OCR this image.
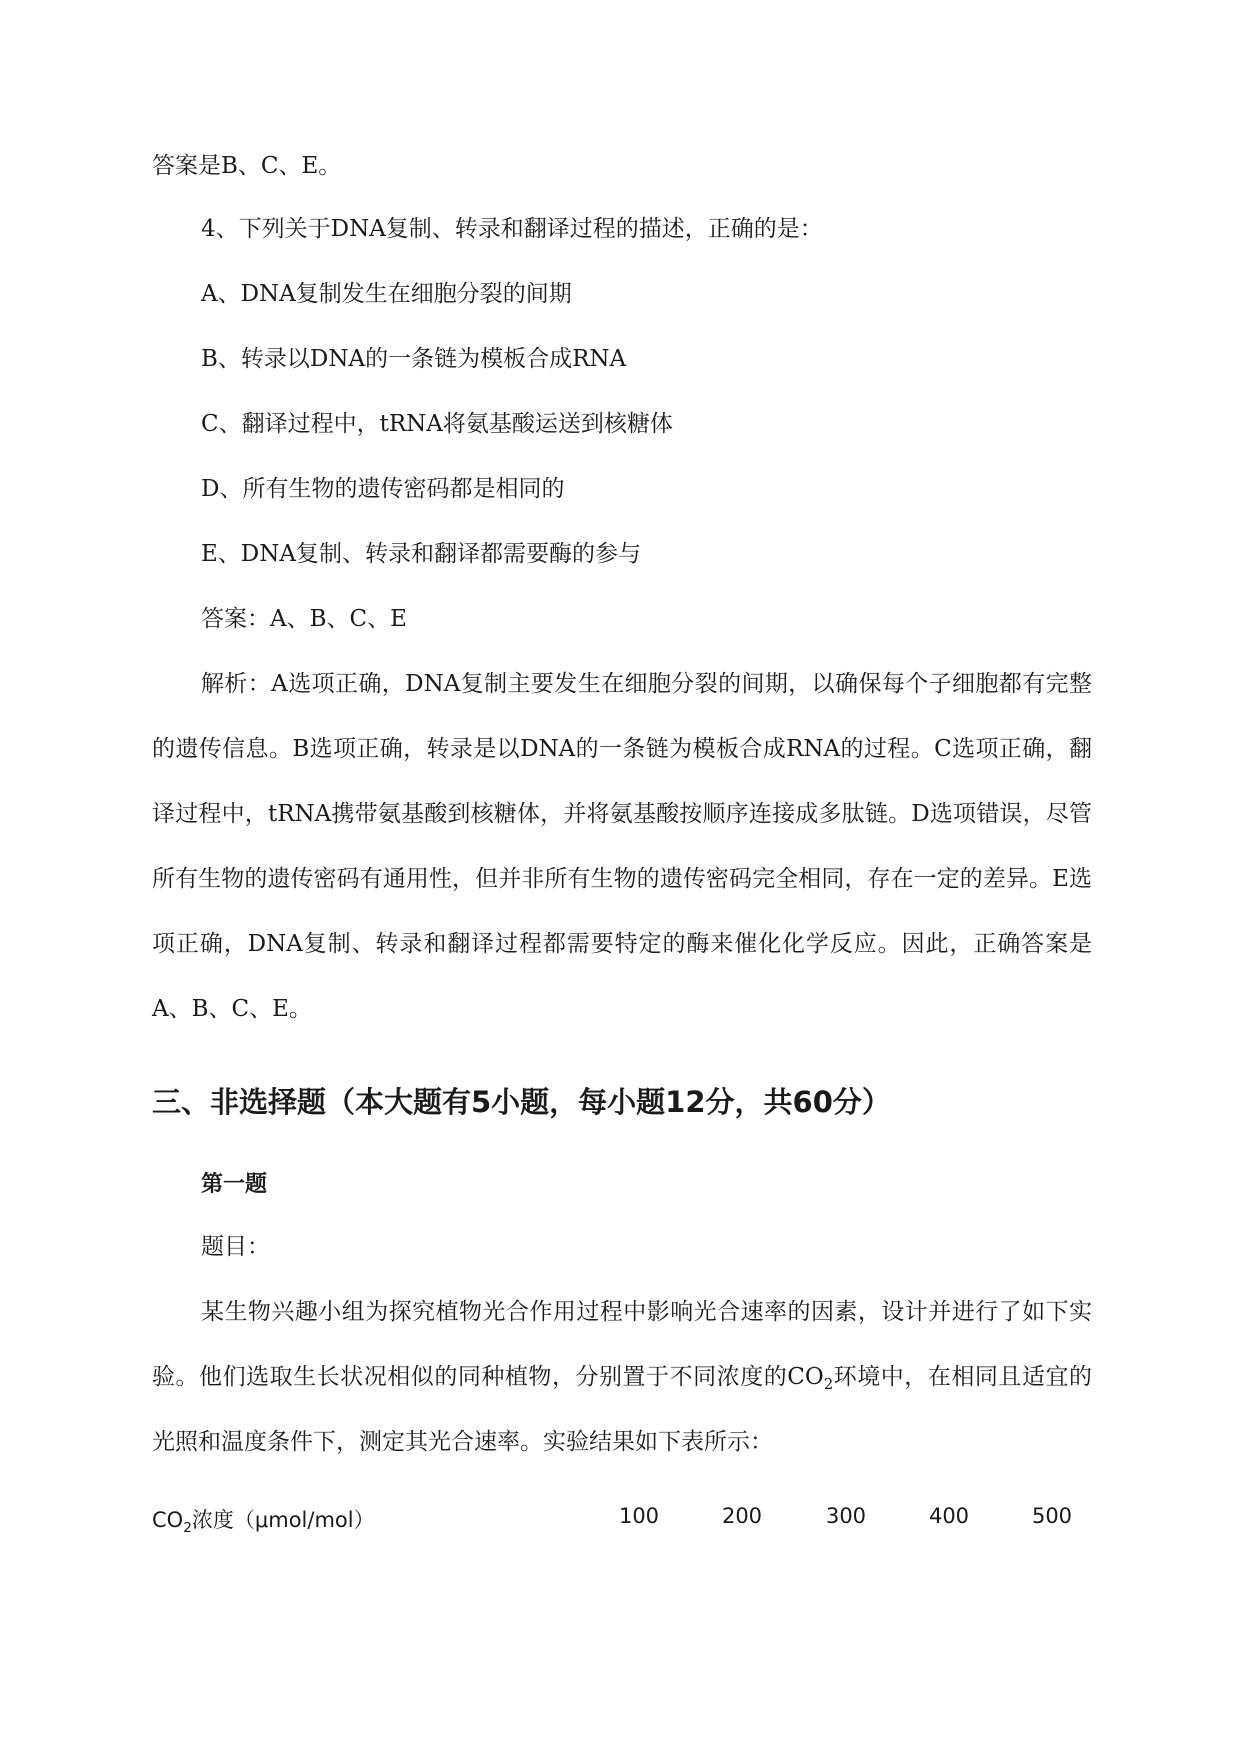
答案是B、C、E。
4、下列关于DNA复制、转录和翻译过程的描述，正确的是：
A、DNA复制发生在细胞分裂的间期
B、转录以DNA的一条链为模板合成RNA
C、翻译过程中，tRNA将氨基酸运送到核糖体
D、所有生物的遗传密码都是相同的
E、DNA复制、转录和翻译都需要酶的参与
答案：A、B、C、E

解析：A选项正确，DNA复制主要发生在细胞分裂的间期，以确保每个子细胞都有完整的遗传信息。B选项正确，转录是以DNA的一条链为模板合成RNA的过程。C选项正确，翻译过程中，tRNA携带氨基酸到核糖体，并将氨基酸按顺序连接成多肽链。D选项错误，尽管所有生物的遗传密码有通用性，但并非所有生物的遗传密码完全相同，存在一定的差异。E选项正确，DNA复制、转录和翻译过程都需要特定的酶来催化化学反应。因此，正确答案是A、B、C、E。

三、非选择题（本大题有5小题，每小题12分，共60分）
第一题
题目：

某生物兴趣小组为探究植物光合作用过程中影响光合速率的因素，设计并进行了如下实验。他们选取生长状况相似的同种植物，分别置于不同浓度的$CO_2$环境中，在相同且适宜的光照和温度条件下，测定其光合速率。实验结果如下表所示：

$CO_2$浓度（μmol/mol）	100	200	300	400	500
